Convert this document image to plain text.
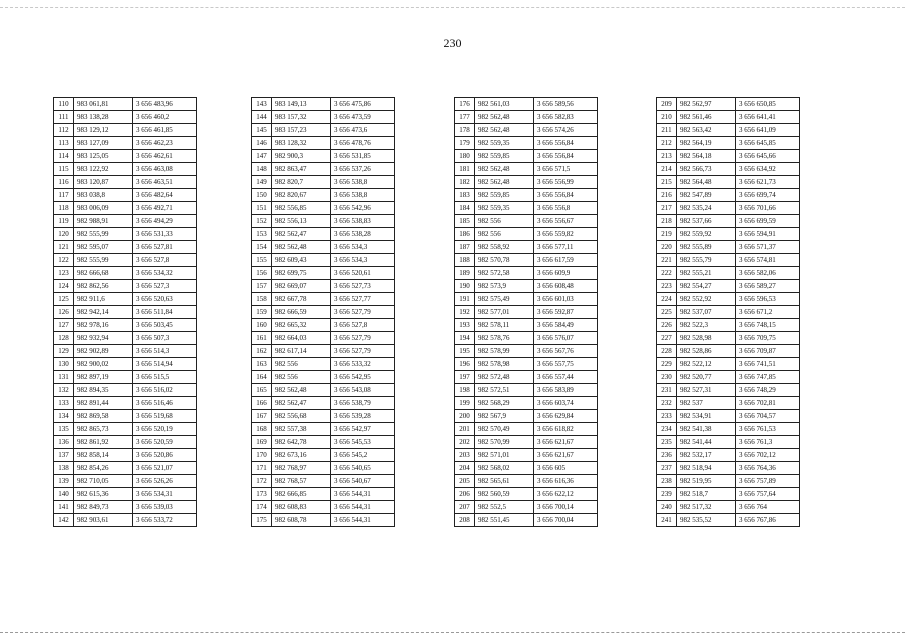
230
110	983 061,81	3 656 483,96
111	983 138,28	3 656 460,2
112	983 129,12	3 656 461,85
113	983 127,09	3 656 462,23
114	983 125,05	3 656 462,61
115	983 122,92	3 656 463,08
116	983 120,87	3 656 463,51
117	983 038,8	3 656 482,64
118	983 006,09	3 656 492,71
119	982 988,91	3 656 494,29
120	982 555,99	3 656 531,33
121	982 595,07	3 656 527,81
122	982 555,99	3 656 527,8
123	982 666,68	3 656 534,32
124	982 862,56	3 656 527,3
125	982 911,6	3 656 520,63
126	982 942,14	3 656 511,84
127	982 978,16	3 656 503,45
128	982 932,94	3 656 507,3
129	982 902,89	3 656 514,3
130	982 900,02	3 656 514,94
131	982 897,19	3 656 515,5
132	982 894,35	3 656 516,02
133	982 891,44	3 656 516,46
134	982 869,58	3 656 519,68
135	982 865,73	3 656 520,19
136	982 861,92	3 656 520,59
137	982 858,14	3 656 520,86
138	982 854,26	3 656 521,07
139	982 710,05	3 656 526,26
140	982 615,36	3 656 534,31
141	982 849,73	3 656 539,03
142	982 903,61	3 656 533,72
143	983 149,13	3 656 475,86
144	983 157,32	3 656 473,59
145	983 157,23	3 656 473,6
146	983 128,32	3 656 478,76
147	982 900,3	3 656 531,85
148	982 863,47	3 656 537,26
149	982 820,7	3 656 538,8
150	982 820,67	3 656 538,8
151	982 556,85	3 656 542,96
152	982 556,13	3 656 538,83
153	982 562,47	3 656 538,28
154	982 562,48	3 656 534,3
155	982 609,43	3 656 534,3
156	982 699,75	3 656 520,61
157	982 669,07	3 656 527,73
158	982 667,78	3 656 527,77
159	982 666,59	3 656 527,79
160	982 665,32	3 656 527,8
161	982 664,03	3 656 527,79
162	982 617,14	3 656 527,79
163	982 556	3 656 533,32
164	982 556	3 656 542,95
165	982 562,48	3 656 543,08
166	982 562,47	3 656 538,79
167	982 556,68	3 656 539,28
168	982 557,38	3 656 542,97
169	982 642,78	3 656 545,53
170	982 673,16	3 656 545,2
171	982 768,97	3 656 540,65
172	982 768,57	3 656 540,67
173	982 666,85	3 656 544,31
174	982 608,83	3 656 544,31
175	982 608,78	3 656 544,31
176	982 561,03	3 656 589,56
177	982 562,48	3 656 582,83
178	982 562,48	3 656 574,26
179	982 559,35	3 656 556,84
180	982 559,85	3 656 556,84
181	982 562,48	3 656 571,5
182	982 562,48	3 656 556,99
183	982 559,85	3 656 556,84
184	982 559,35	3 656 556,8
185	982 556	3 656 556,67
186	982 556	3 656 559,82
187	982 558,92	3 656 577,11
188	982 570,78	3 656 617,59
189	982 572,58	3 656 609,9
190	982 573,9	3 656 608,48
191	982 575,49	3 656 601,03
192	982 577,01	3 656 592,87
193	982 578,11	3 656 584,49
194	982 578,76	3 656 576,07
195	982 578,99	3 656 567,76
196	982 578,98	3 656 557,75
197	982 572,48	3 656 557,44
198	982 572,51	3 656 583,89
199	982 568,29	3 656 603,74
200	982 567,9	3 656 629,84
201	982 570,49	3 656 618,82
202	982 570,99	3 656 621,67
203	982 571,01	3 656 621,67
204	982 568,02	3 656 605
205	982 565,61	3 656 616,36
206	982 560,59	3 656 622,12
207	982 552,5	3 656 700,14
208	982 551,45	3 656 700,04
209	982 562,97	3 656 650,85
210	982 561,46	3 656 641,41
211	982 563,42	3 656 641,09
212	982 564,19	3 656 645,85
213	982 564,18	3 656 645,66
214	982 566,73	3 656 634,92
215	982 564,48	3 656 621,73
216	982 547,89	3 656 699,74
217	982 535,24	3 656 701,66
218	982 537,66	3 656 699,59
219	982 559,92	3 656 594,91
220	982 555,89	3 656 571,37
221	982 555,79	3 656 574,81
222	982 555,21	3 656 582,06
223	982 554,27	3 656 589,27
224	982 552,92	3 656 596,53
225	982 537,07	3 656 671,2
226	982 522,3	3 656 748,15
227	982 528,98	3 656 709,75
228	982 528,86	3 656 709,87
229	982 522,12	3 656 741,51
230	982 520,77	3 656 747,85
231	982 527,31	3 656 748,29
232	982 537	3 656 702,81
233	982 534,91	3 656 704,57
234	982 541,38	3 656 761,53
235	982 541,44	3 656 761,3
236	982 532,17	3 656 702,12
237	982 518,94	3 656 764,36
238	982 519,95	3 656 757,89
239	982 518,7	3 656 757,64
240	982 517,32	3 656 764
241	982 535,52	3 656 767,86
